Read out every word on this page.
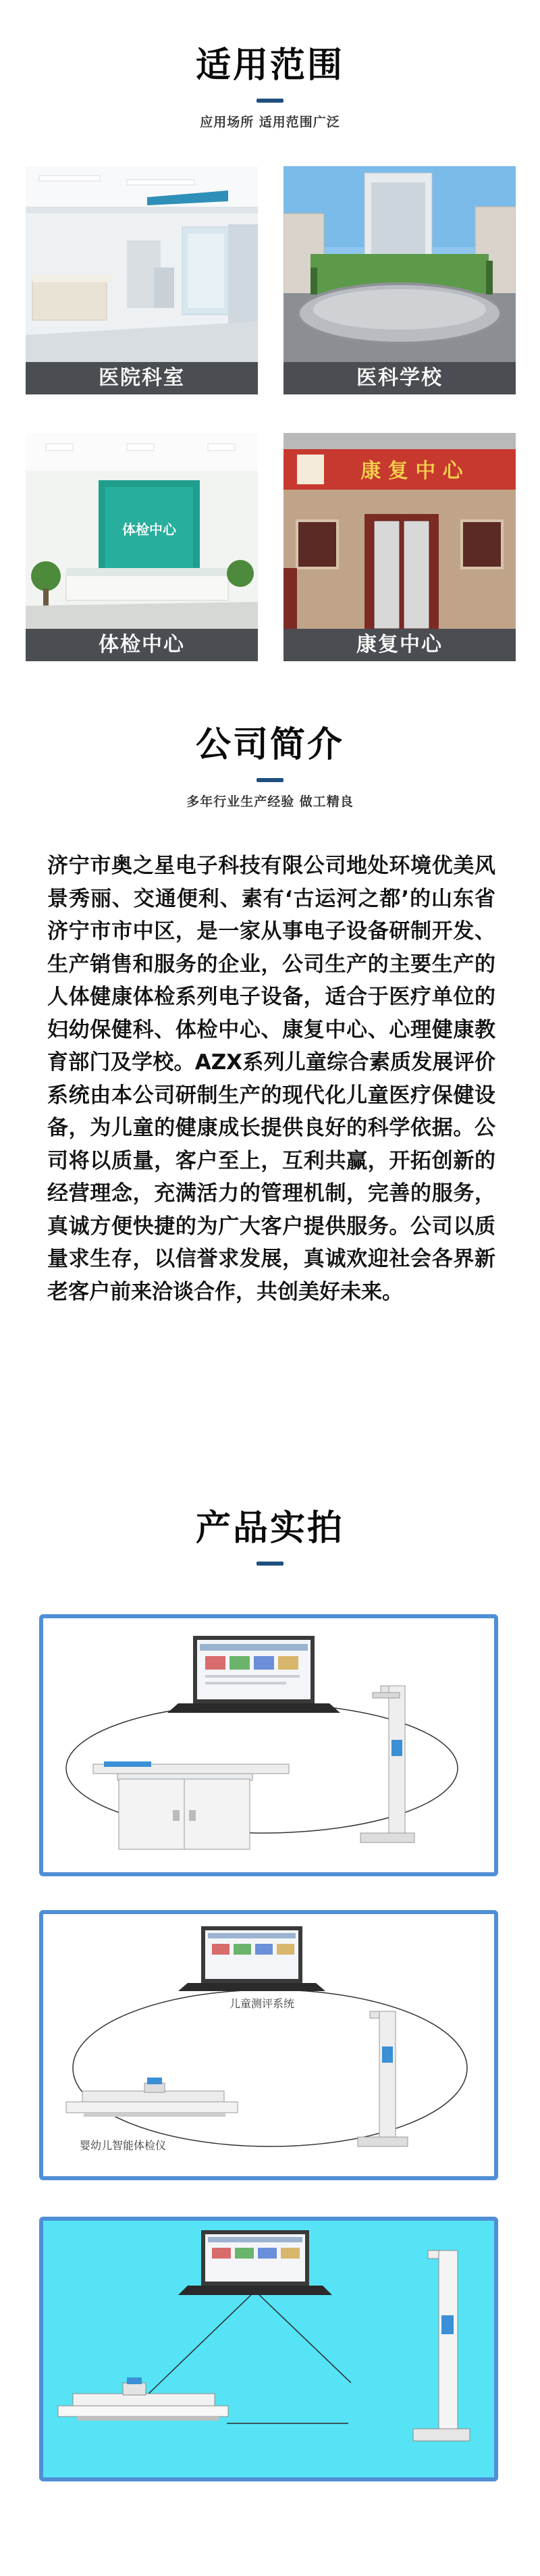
适用范围
应用场所 适用范围广泛
医院科室	医科学校
体检中心
体检中心
康 复 中 心
康复中心
公司简介
多年行业生产经验 做工精良
济宁市奥之星电子科技有限公司地处环境优美风景秀丽、交通便利、素有‘古运河之都’的山东省济宁市市中区，是一家从事电子设备研制开发、生产销售和服务的企业，公司生产的主要生产的人体健康体检系列电子设备，适合于医疗单位的妇幼保健科、体检中心、康复中心、心理健康教育部门及学校。AZX系列儿童综合素质发展评价系统由本公司研制生产的现代化儿童医疗保健设备，为儿童的健康成长提供良好的科学依据。公司将以质量，客户至上，互利共赢，开拓创新的经营理念，充满活力的管理机制，完善的服务，真诚方便快捷的为广大客户提供服务。公司以质量求生存，以信誉求发展，真诚欢迎社会各界新老客户前来洽谈合作，共创美好未来。
产品实拍
儿童测评系统
婴幼儿智能体检仪
